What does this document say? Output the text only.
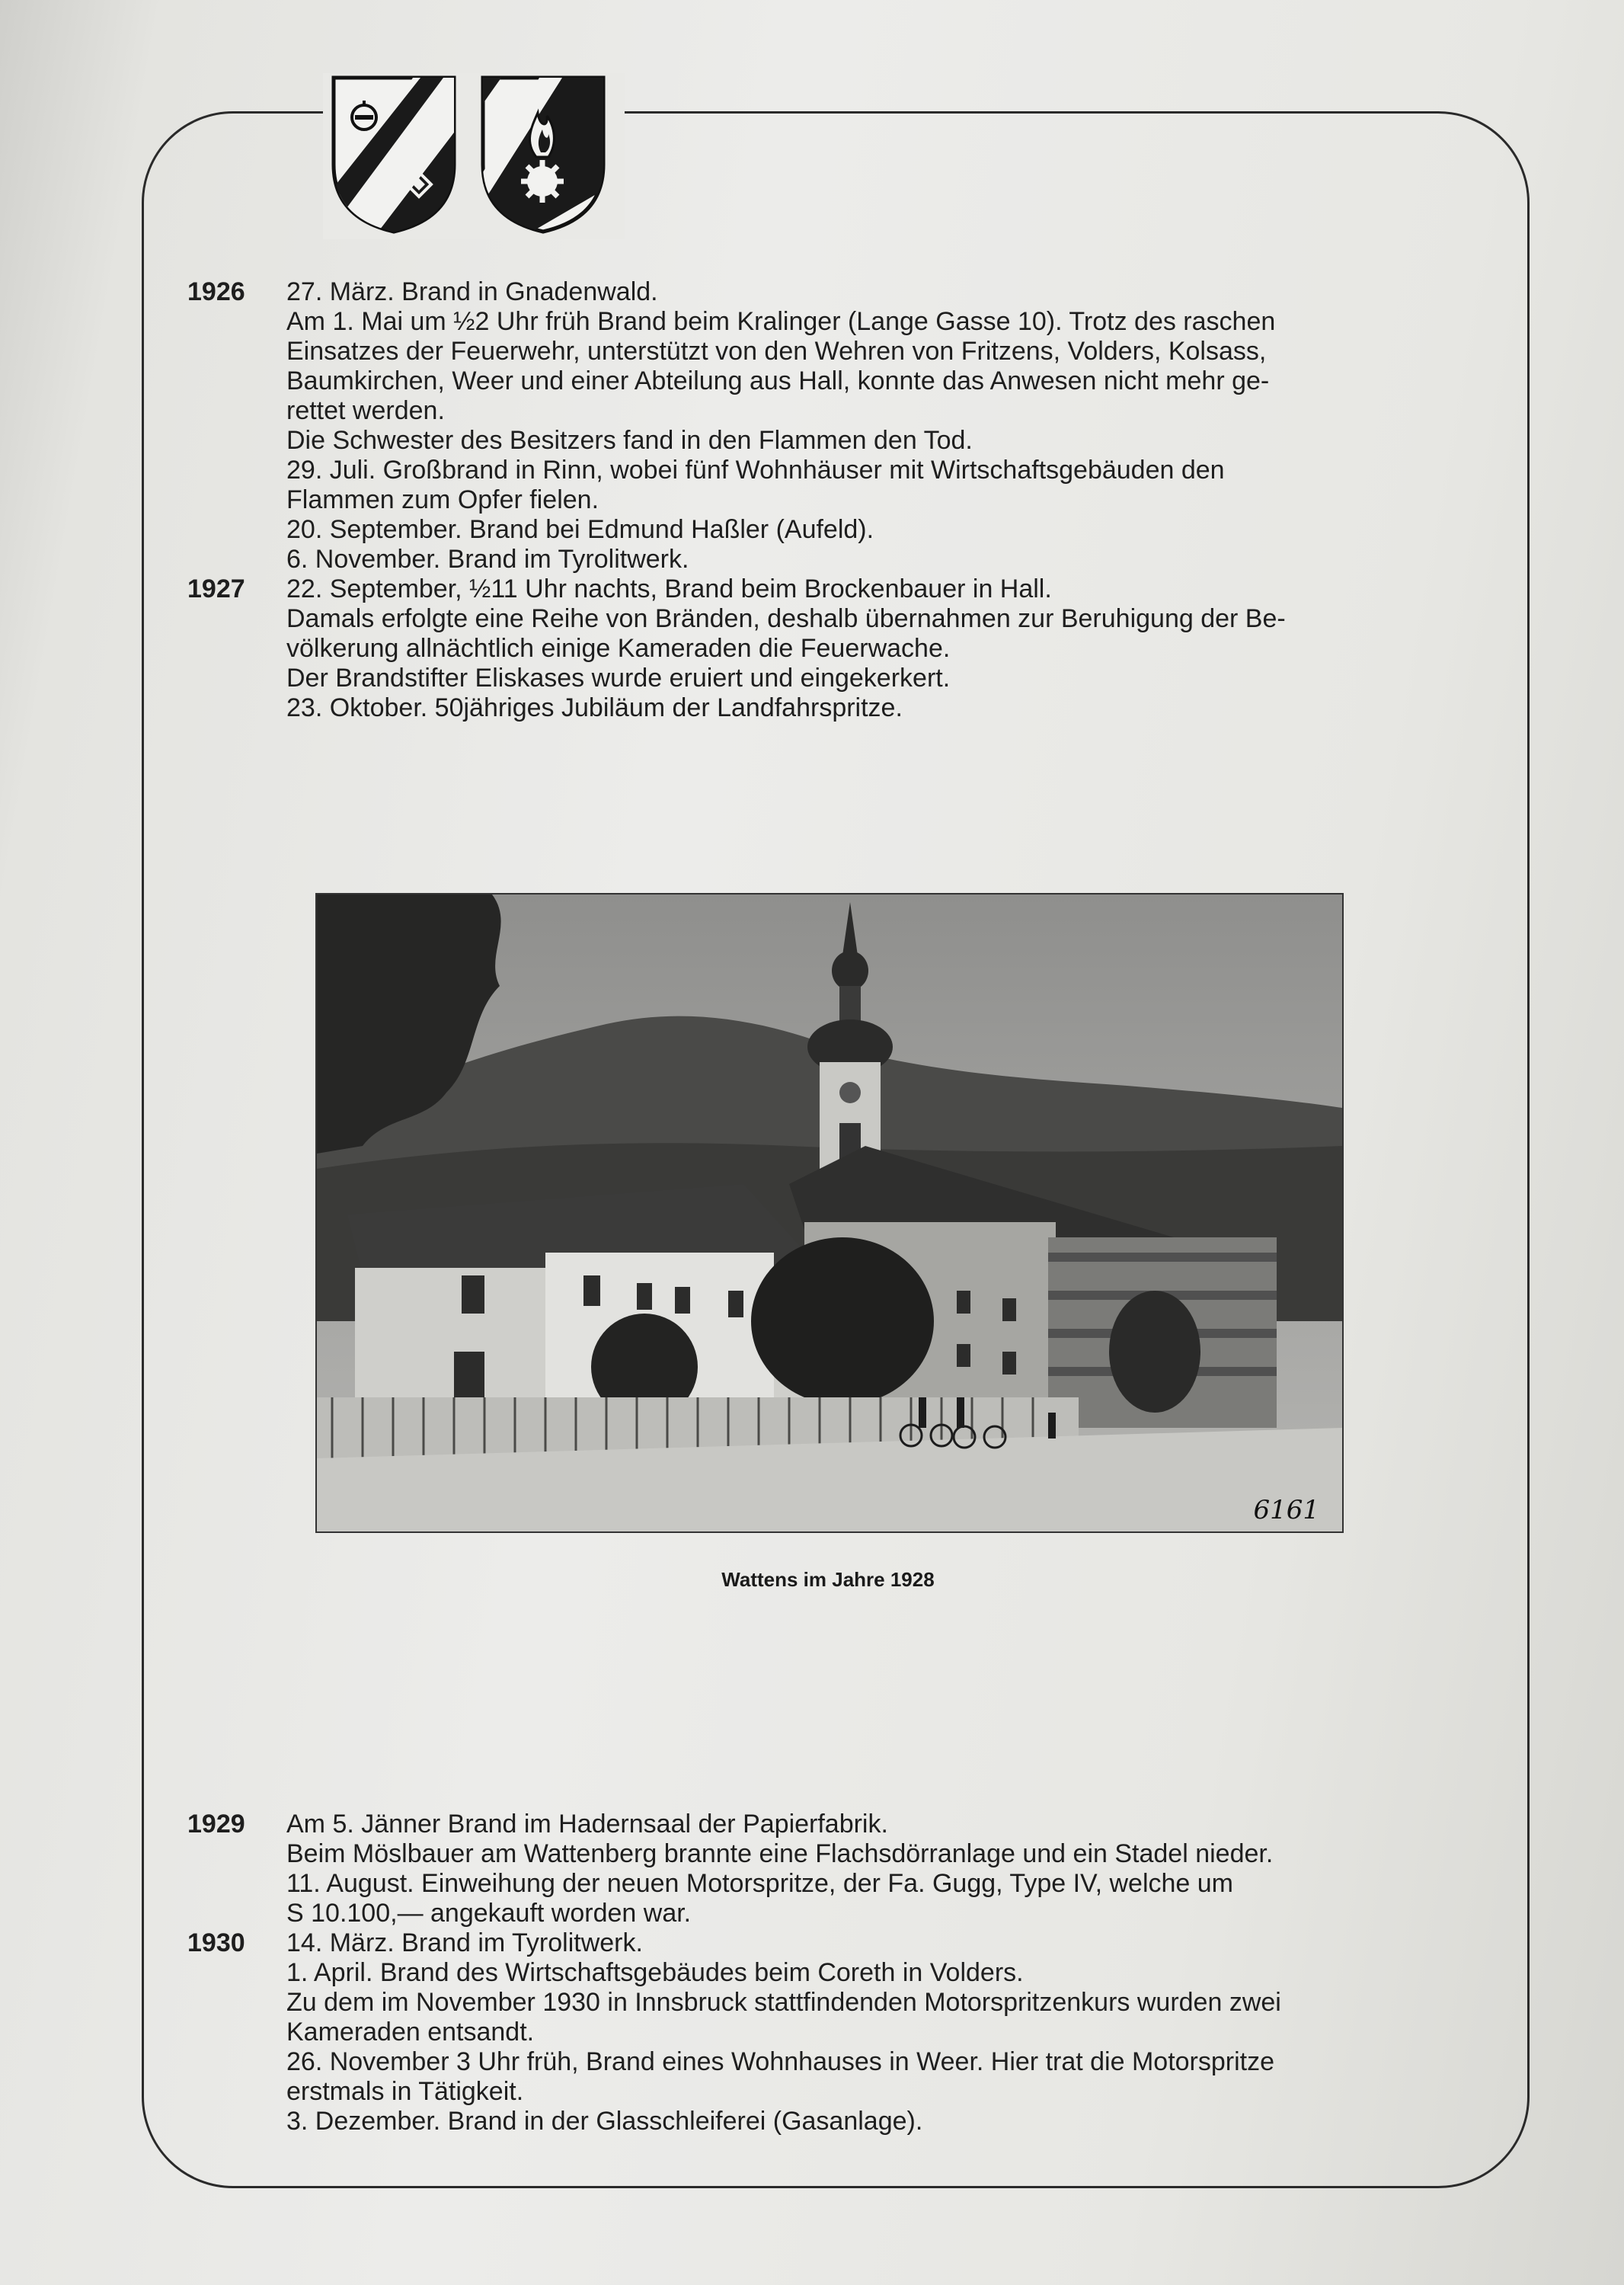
1926	27. März. Brand in Gnadenwald.
Am 1. Mai um ½2 Uhr früh Brand beim Kralinger (Lange Gasse 10). Trotz des raschen
Einsatzes der Feuerwehr, unterstützt von den Wehren von Fritzens, Volders, Kolsass,
Baumkirchen, Weer und einer Abteilung aus Hall, konnte das Anwesen nicht mehr ge-
rettet werden.
Die Schwester des Besitzers fand in den Flammen den Tod.
29. Juli. Großbrand in Rinn, wobei fünf Wohnhäuser mit Wirtschaftsgebäuden den
Flammen zum Opfer fielen.
20. September. Brand bei Edmund Haßler (Aufeld).
6. November. Brand im Tyrolitwerk.
1927	22. September, ½11 Uhr nachts, Brand beim Brockenbauer in Hall.
Damals erfolgte eine Reihe von Bränden, deshalb übernahmen zur Beruhigung der Be-
völkerung allnächtlich einige Kameraden die Feuerwache.
Der Brandstifter Eliskases wurde eruiert und eingekerkert.
23. Oktober. 50jähriges Jubiläum der Landfahrspritze.
6161
Wattens im Jahre 1928
1929	Am 5. Jänner Brand im Hadernsaal der Papierfabrik.
Beim Möslbauer am Wattenberg brannte eine Flachsdörranlage und ein Stadel nieder.
11. August. Einweihung der neuen Motorspritze, der Fa. Gugg, Type IV, welche um
S 10.100,— angekauft worden war.
1930	14. März. Brand im Tyrolitwerk.
1. April. Brand des Wirtschaftsgebäudes beim Coreth in Volders.
Zu dem im November 1930 in Innsbruck stattfindenden Motorspritzenkurs wurden zwei
Kameraden entsandt.
26. November 3 Uhr früh, Brand eines Wohnhauses in Weer. Hier trat die Motorspritze
erstmals in Tätigkeit.
3. Dezember. Brand in der Glasschleiferei (Gasanlage).
